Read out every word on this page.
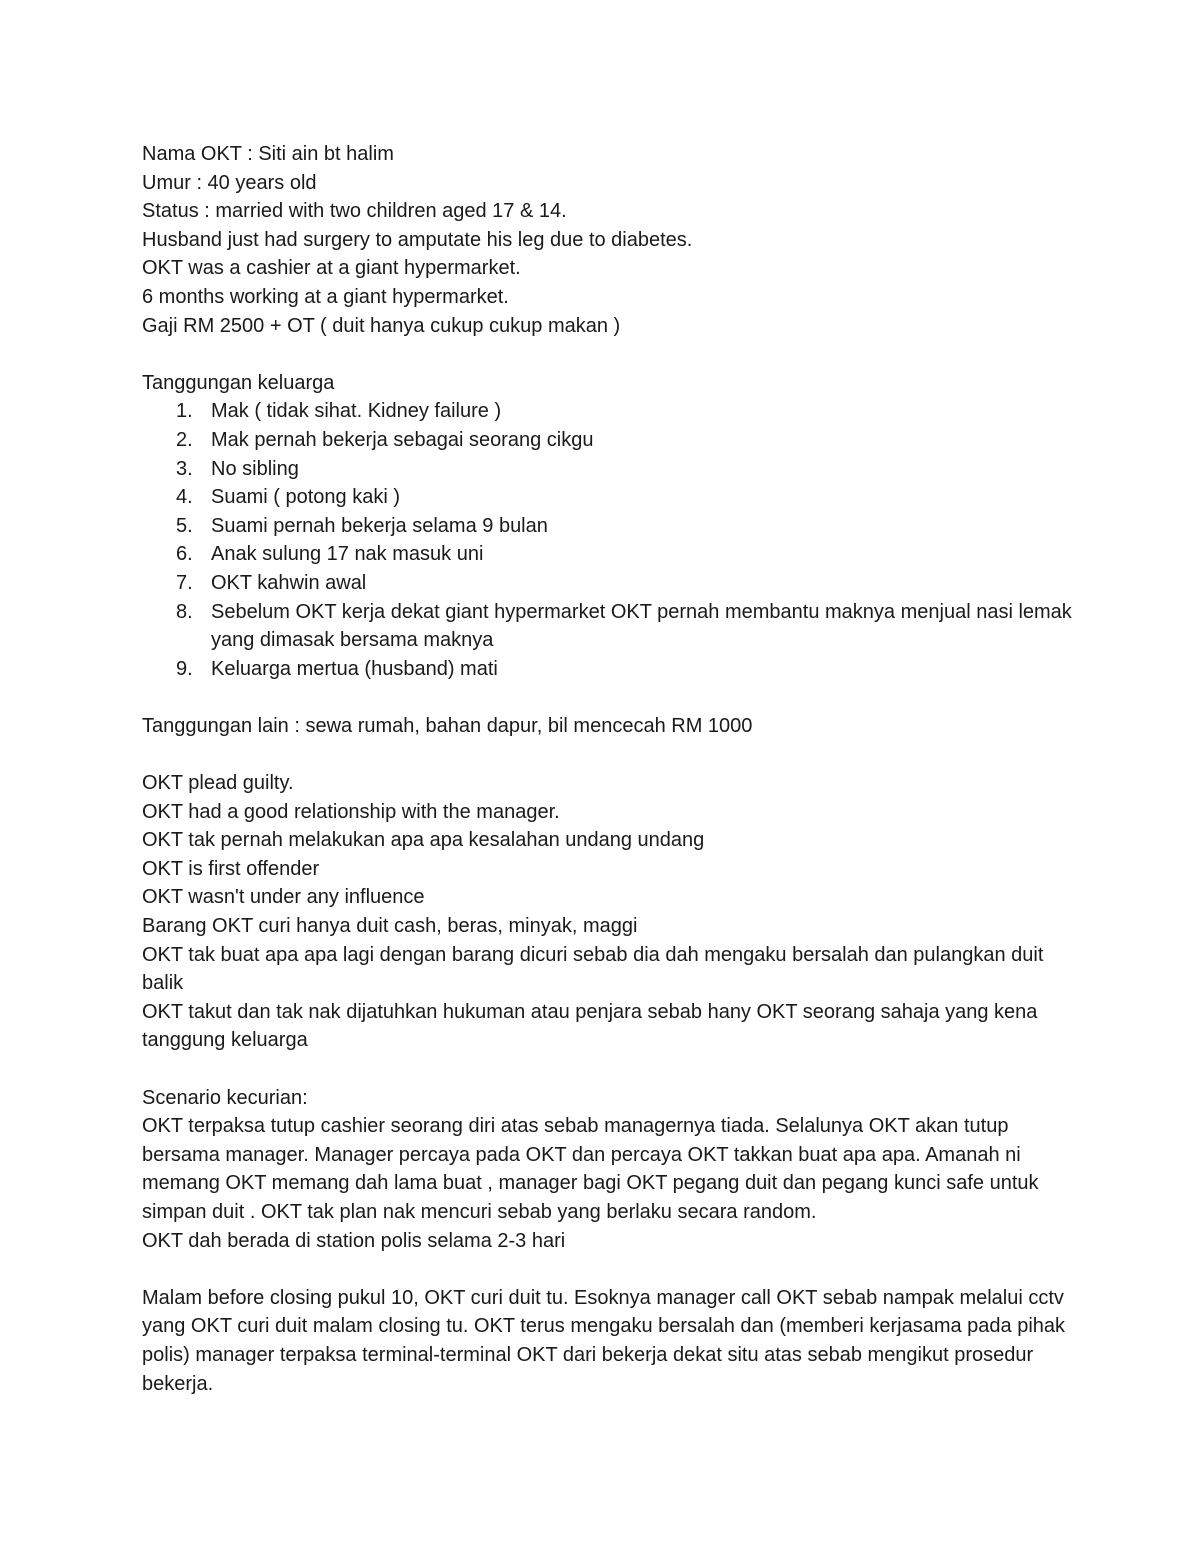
Nama OKT : Siti ain bt halim
Umur : 40 years old
Status : married with two children aged 17 & 14.
Husband just had surgery to amputate his leg due to diabetes.
OKT was a cashier at a giant hypermarket.
6 months working at a giant hypermarket.
Gaji RM 2500 + OT ( duit hanya cukup cukup makan )
Tanggungan keluarga
1. Mak ( tidak sihat. Kidney failure )
2. Mak pernah bekerja sebagai seorang cikgu
3. No sibling
4. Suami ( potong kaki )
5. Suami pernah bekerja selama 9 bulan
6. Anak sulung 17 nak masuk uni
7. OKT kahwin awal
8. Sebelum OKT kerja dekat giant hypermarket OKT pernah membantu maknya menjual nasi lemak yang dimasak bersama maknya
9. Keluarga mertua (husband) mati
Tanggungan lain : sewa rumah, bahan dapur, bil mencecah RM 1000
OKT plead guilty.
OKT had a good relationship with the manager.
OKT tak pernah melakukan apa apa kesalahan undang undang
OKT is first offender
OKT wasn't under any influence
Barang OKT curi hanya duit cash, beras, minyak, maggi
OKT tak buat apa apa lagi dengan barang dicuri sebab dia dah mengaku bersalah dan pulangkan duit balik
OKT takut dan tak nak dijatuhkan hukuman atau penjara sebab hany OKT seorang sahaja yang kena tanggung keluarga
Scenario kecurian:
OKT terpaksa tutup cashier seorang diri atas sebab managernya tiada. Selalunya OKT akan tutup bersama manager. Manager percaya pada OKT dan percaya OKT takkan buat apa apa. Amanah ni memang OKT memang dah lama buat , manager bagi OKT pegang duit dan pegang kunci safe untuk simpan duit . OKT tak plan nak mencuri sebab yang berlaku secara random.
OKT dah berada di station polis selama 2-3 hari
Malam before closing pukul 10, OKT curi duit tu. Esoknya manager call OKT sebab nampak melalui cctv yang OKT curi duit malam closing tu. OKT terus mengaku bersalah dan (memberi kerjasama pada pihak polis) manager terpaksa terminal-terminal OKT dari bekerja dekat situ atas sebab mengikut prosedur bekerja.
